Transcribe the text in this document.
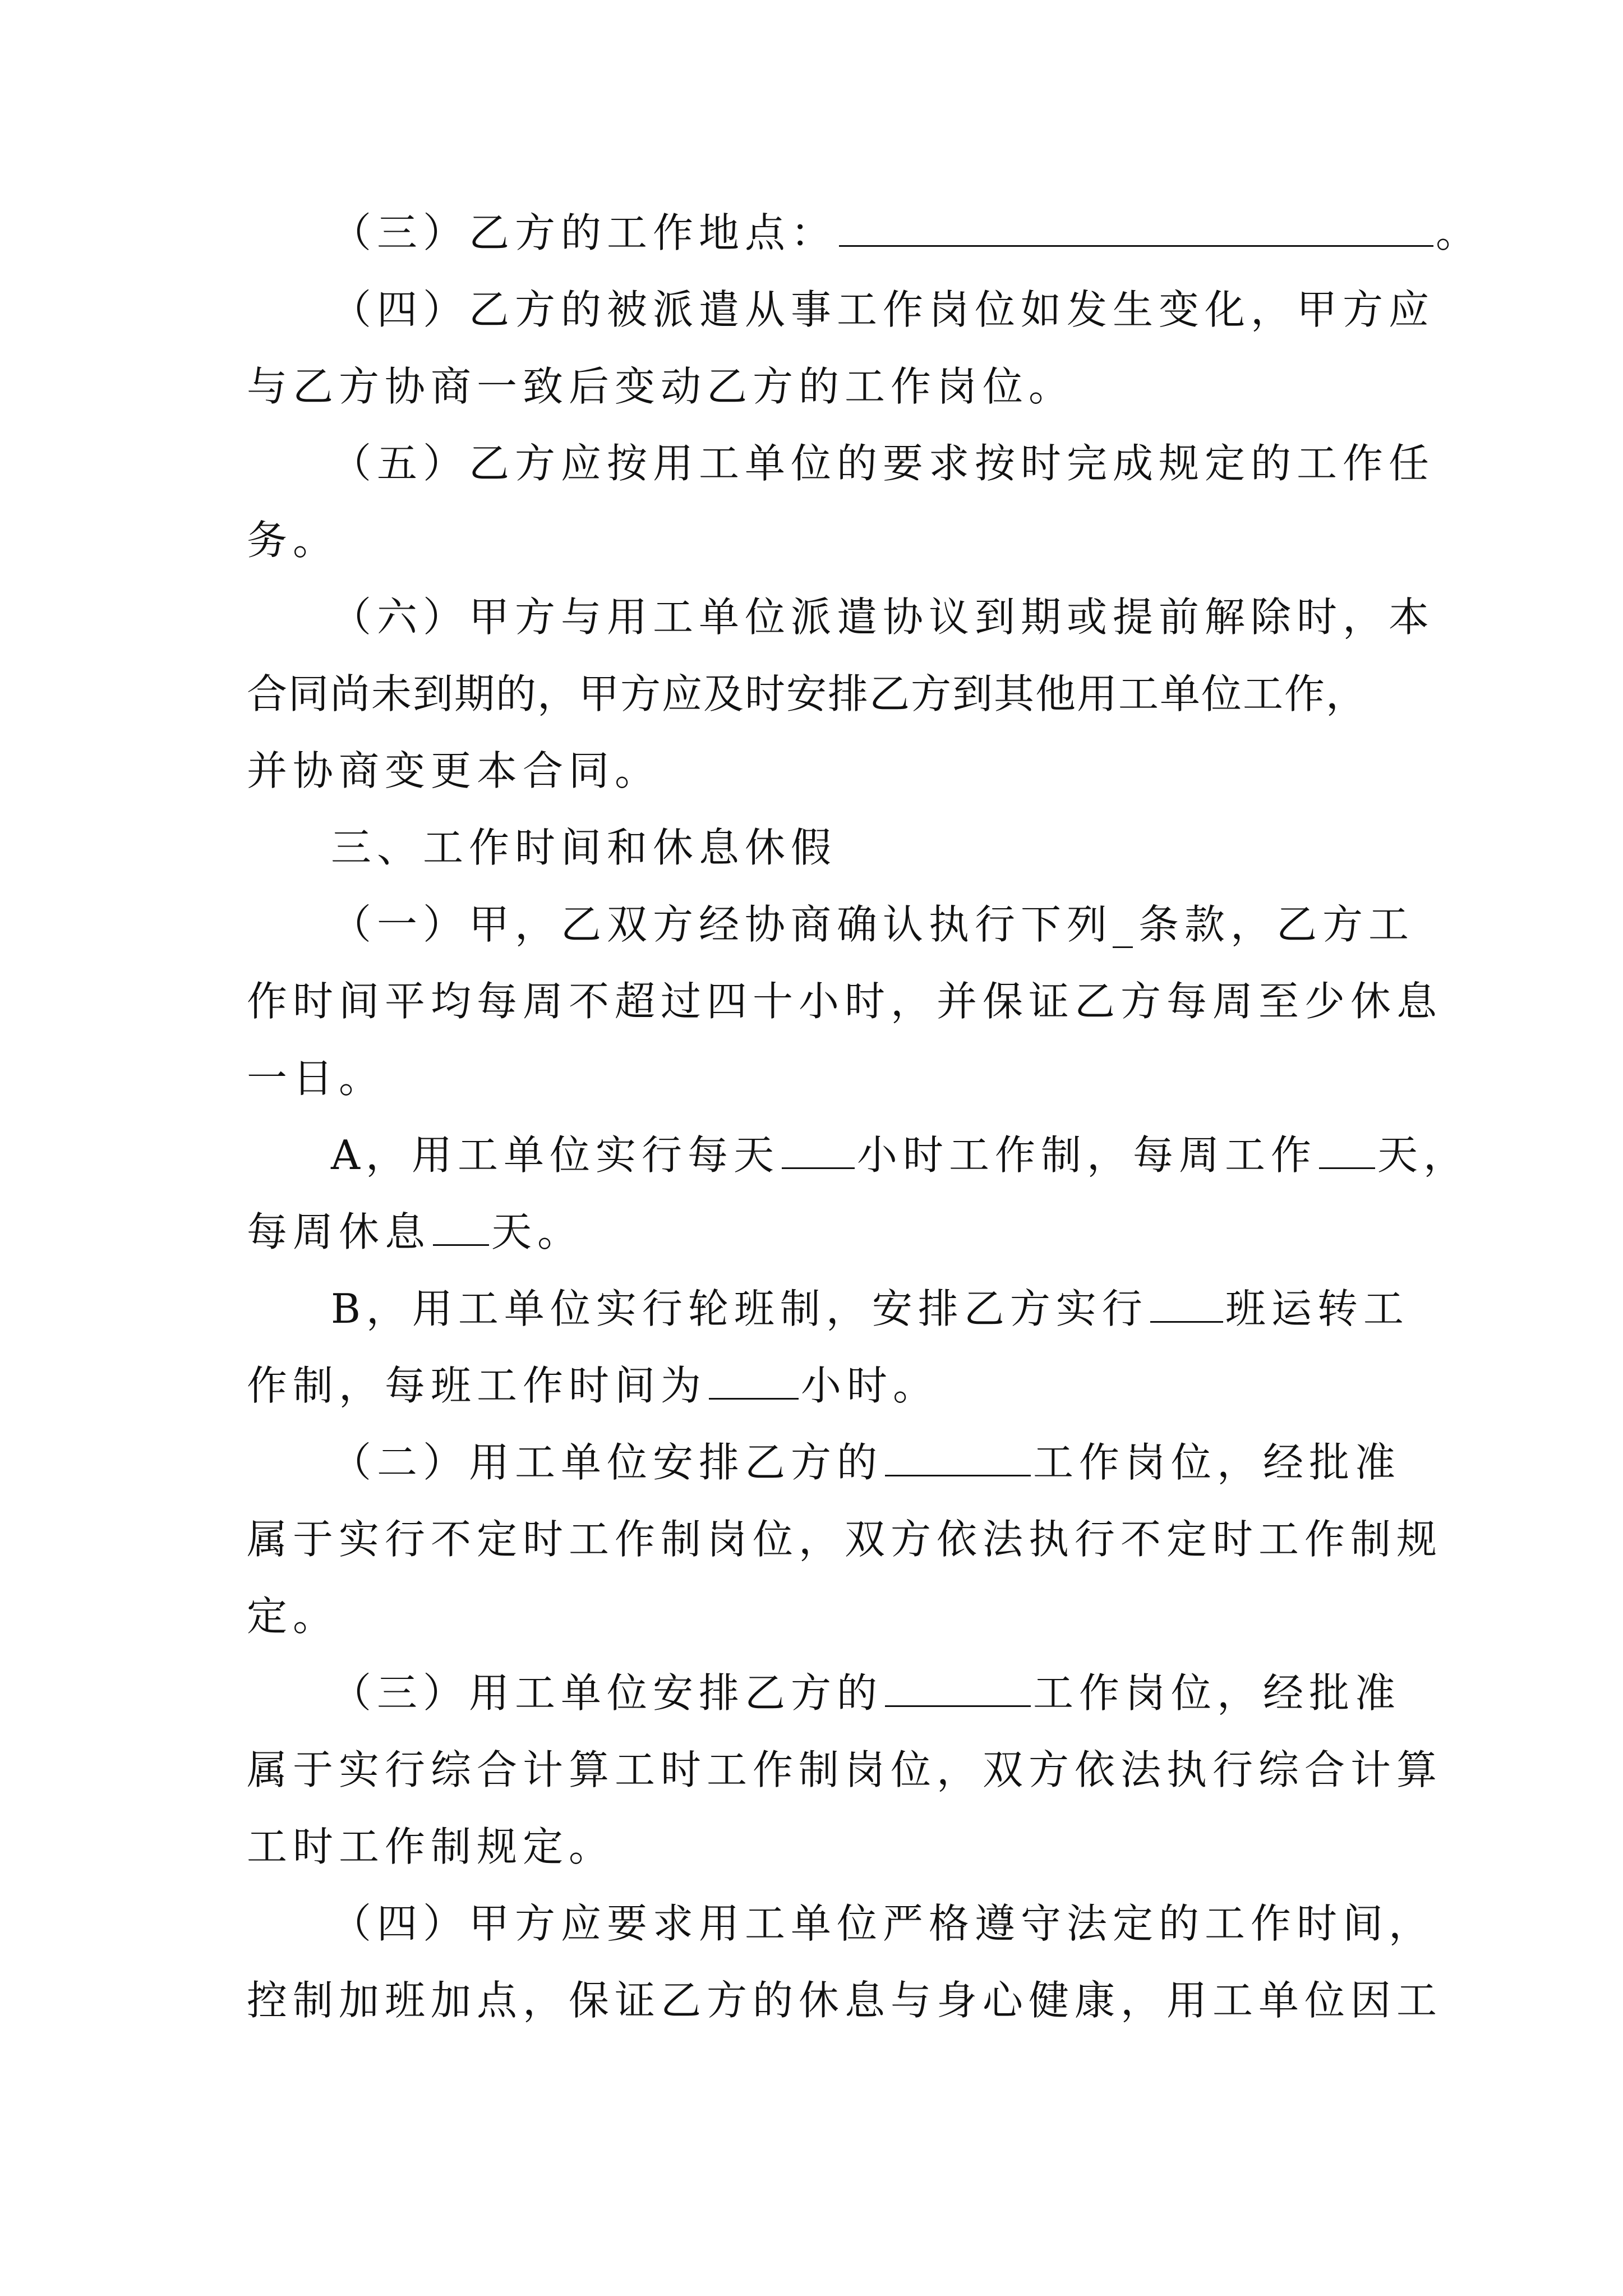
（三）乙方的工作地点：	。
（四）乙方的被派遣从事工作岗位如发生变化，甲方应
与乙方协商一致后变动乙方的工作岗位。
（五）乙方应按用工单位的要求按时完成规定的工作任
务。
（六）甲方与用工单位派遣协议到期或提前解除时，本
合同尚未到期的，甲方应及时安排乙方到其他用工单位工作，
并协商变更本合同。
三、工作时间和休息休假
（一）甲，乙双方经协商确认执行下列_条款，乙方工
作时间平均每周不超过四十小时，并保证乙方每周至少休息
一日。
A，用工单位实行每天 小时工作制，每周工作 天，
每周休息 天。
B，用工单位实行轮班制，安排乙方实行 班运转工
作制，每班工作时间为 小时。
（二）用工单位安排乙方的	工作岗位，经批准
属于实行不定时工作制岗位，双方依法执行不定时工作制规
定。
（三）用工单位安排乙方的	工作岗位，经批准
属于实行综合计算工时工作制岗位，双方依法执行综合计算
工时工作制规定。
（四）甲方应要求用工单位严格遵守法定的工作时间，
控制加班加点，保证乙方的休息与身心健康，用工单位因工
